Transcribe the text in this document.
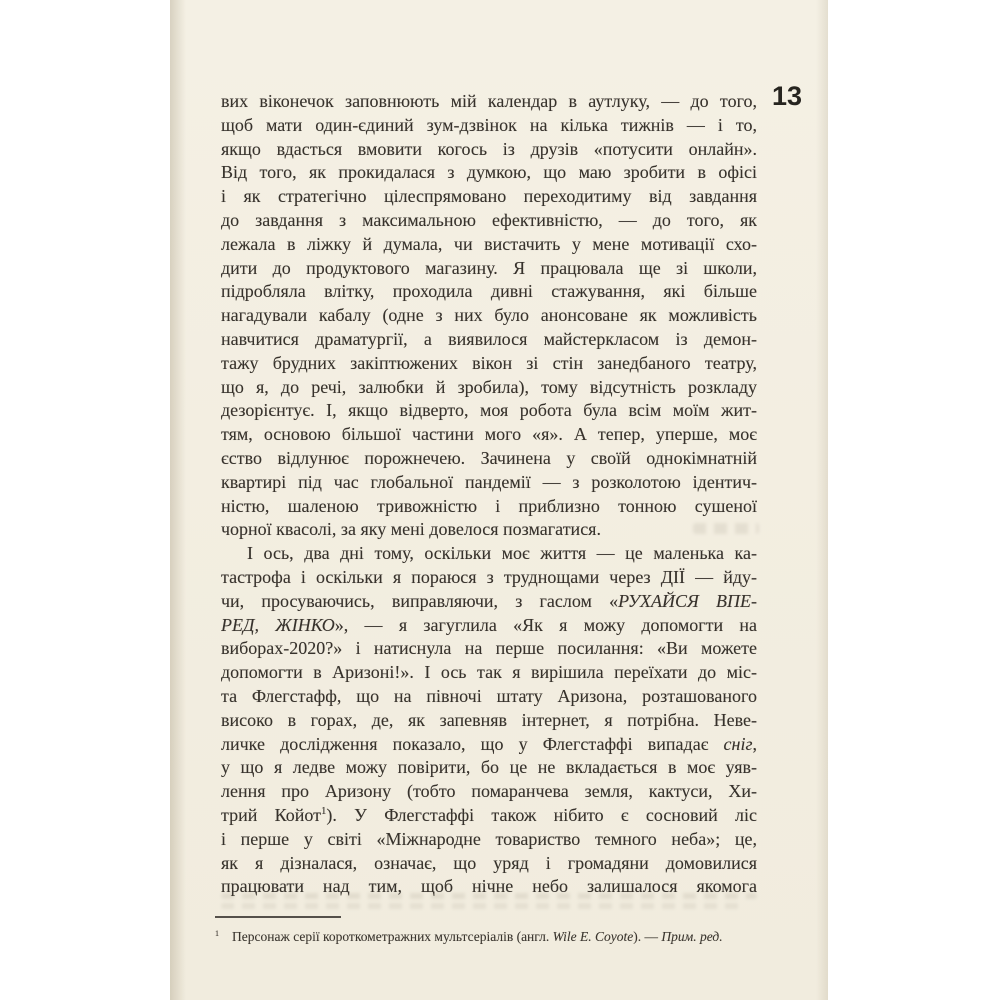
13
вих віконечок заповнюють мій календар в аутлуку, — до того,
щоб мати один-єдиний зум-дзвінок на кілька тижнів — і то,
якщо вдасться вмовити когось із друзів «потусити онлайн».
Від того, як прокидалася з думкою, що маю зробити в офісі
і як стратегічно цілеспрямовано переходитиму від завдання
до завдання з максимальною ефективністю, — до того, як
лежала в ліжку й думала, чи вистачить у мене мотивації схо-
дити до продуктового магазину. Я працювала ще зі школи,
підробляла влітку, проходила дивні стажування, які більше
нагадували кабалу (одне з них було анонсоване як можливість
навчитися драматургії, а виявилося майстеркласом із демон-
тажу брудних закіптюжених вікон зі стін занедбаного театру,
що я, до речі, залюбки й зробила), тому відсутність розкладу
дезорієнтує. І, якщо відверто, моя робота була всім моїм жит-
тям, основою більшої частини мого «я». А тепер, уперше, моє
єство відлунює порожнечею. Зачинена у своїй однокімнатній
квартирі під час глобальної пандемії — з розколотою ідентич-
ністю, шаленою тривожністю і приблизно тонною сушеної
чорної квасолі, за яку мені довелося позмагатися.
І ось, два дні тому, оскільки моє життя — це маленька ка-
тастрофа і оскільки я пораюся з труднощами через ДІЇ — йду-
чи, просуваючись, виправляючи, з гаслом «РУХАЙСЯ ВПЕ-
РЕД, ЖІНКО», — я загуглила «Як я можу допомогти на
виборах-2020?» і натиснула на перше посилання: «Ви можете
допомогти в Аризоні!». І ось так я вирішила переїхати до міс-
та Флегстафф, що на півночі штату Аризона, розташованого
високо в горах, де, як запевняв інтернет, я потрібна. Неве-
личке дослідження показало, що у Флегстаффі випадає сніг,
у що я ледве можу повірити, бо це не вкладається в моє уяв-
лення про Аризону (тобто помаранчева земля, кактуси, Хи-
трий Койот$^1$). У Флегстаффі також нібито є сосновий ліс
і перше у світі «Міжнародне товариство темного неба»; це,
як я дізналася, означає, що уряд і громадяни домовилися
працювати над тим, щоб нічне небо залишалося якомога
$^1$ Персонаж серії короткометражних мультсеріалів (англ. Wile E. Coyote). — Прим. ред.
